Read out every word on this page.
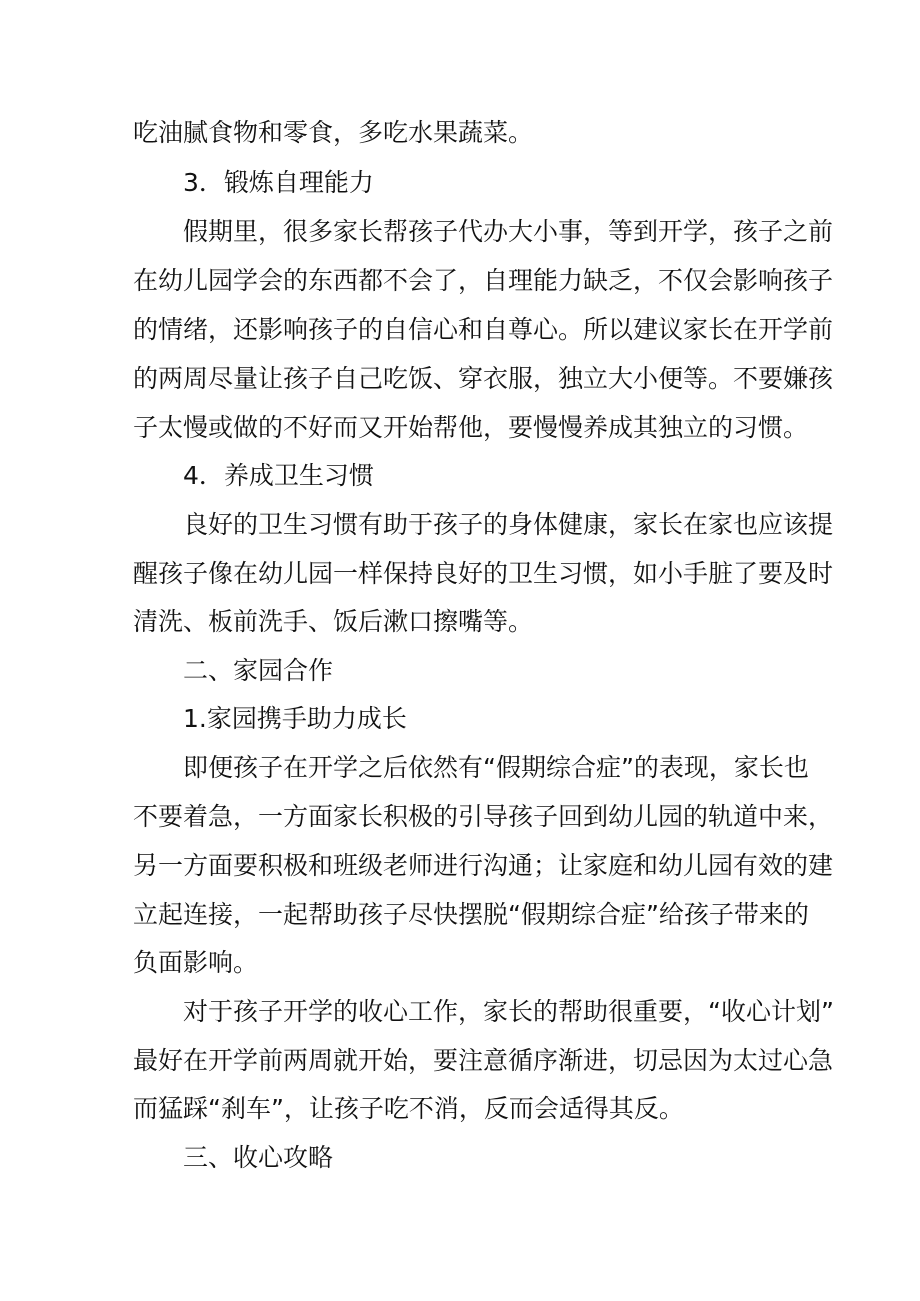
吃油腻食物和零食，多吃水果蔬菜。
3．锻炼自理能力
假期里，很多家长帮孩子代办大小事，等到开学，孩子之前
在幼儿园学会的东西都不会了，自理能力缺乏，不仅会影响孩子
的情绪，还影响孩子的自信心和自尊心。所以建议家长在开学前
的两周尽量让孩子自己吃饭、穿衣服，独立大小便等。不要嫌孩
子太慢或做的不好而又开始帮他，要慢慢养成其独立的习惯。
4．养成卫生习惯
良好的卫生习惯有助于孩子的身体健康，家长在家也应该提
醒孩子像在幼儿园一样保持良好的卫生习惯，如小手脏了要及时
清洗、板前洗手、饭后漱口擦嘴等。
二、家园合作
1.家园携手助力成长
即便孩子在开学之后依然有“假期综合症”的表现，家长也
不要着急，一方面家长积极的引导孩子回到幼儿园的轨道中来，
另一方面要积极和班级老师进行沟通；让家庭和幼儿园有效的建
立起连接，一起帮助孩子尽快摆脱“假期综合症”给孩子带来的
负面影响。
对于孩子开学的收心工作，家长的帮助很重要，“收心计划”
最好在开学前两周就开始，要注意循序渐进，切忌因为太过心急
而猛踩“刹车”，让孩子吃不消，反而会适得其反。
三、收心攻略
